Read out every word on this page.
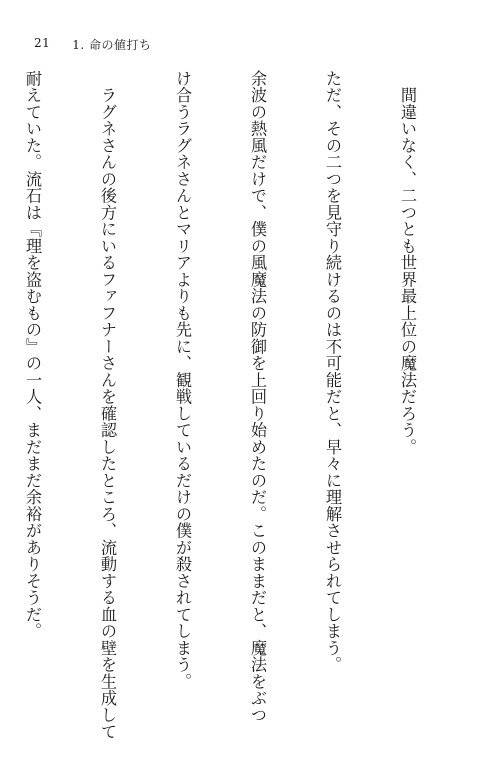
21 1. 命の値打ち

　間違いなく、二つとも世界最上位の魔法だろう。

ただ、その二つを見守り続けるのは不可能だと、早々に理解させられてしまう。

余波の熱風だけで、僕の風魔法の防御を上回り始めたのだ。このままだと、魔法をぶつ

け合うラグネさんとマリアよりも先に、観戦しているだけの僕が殺されてしまう。

　ラグネさんの後方にいるファフナーさんを確認したところ、流動する血の壁を生成して

耐えていた。流石は『理を盗むもの』の一人、まだまだ余裕がありそうだ。
